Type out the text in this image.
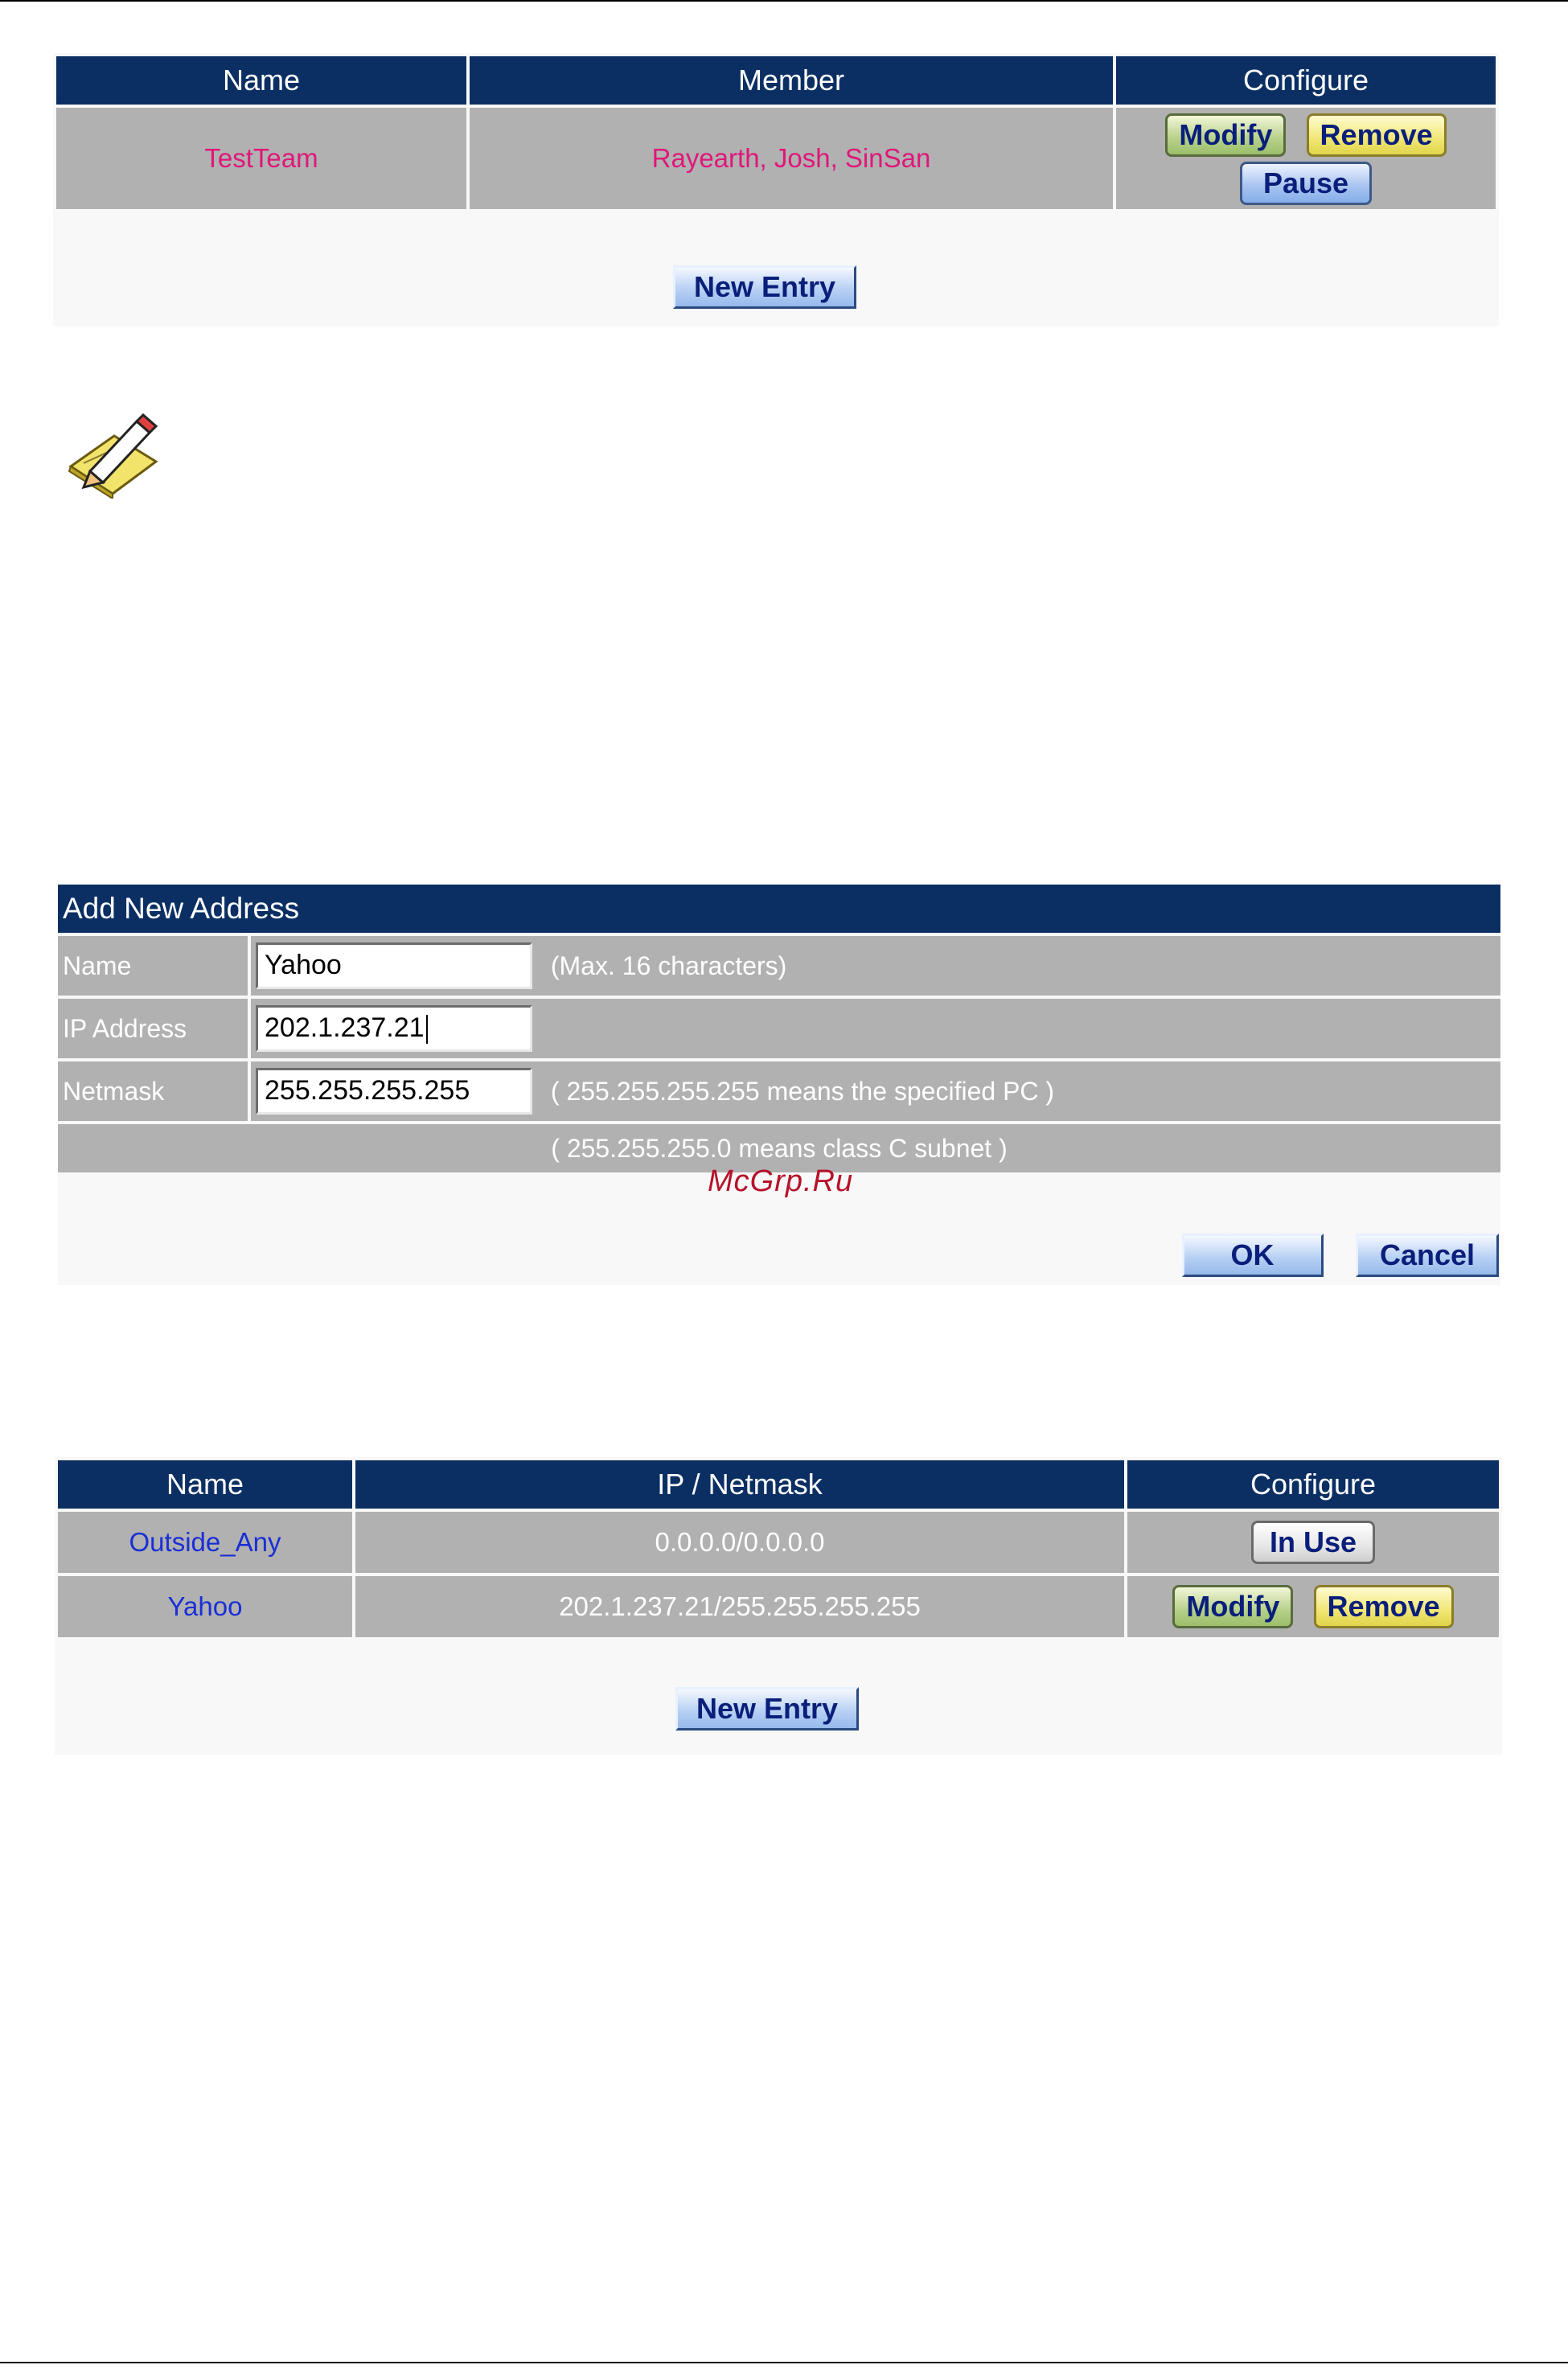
Name	Member	Configure
TestTeam	Rayearth, Josh, SinSan	Modify Remove
Pause
New Entry
Add New Address
Name	Yahoo (Max. 16 characters)
IP Address	202.1.237.21
Netmask	255.255.255.255 ( 255.255.255.255 means the specified PC )
( 255.255.255.0 means class C subnet )	
OK	Cancel
McGrp.Ru
Name	IP / Netmask	Configure
Outside_Any	0.0.0.0/0.0.0.0	In Use
Yahoo	202.1.237.21/255.255.255.255	Modify Remove
New Entry
